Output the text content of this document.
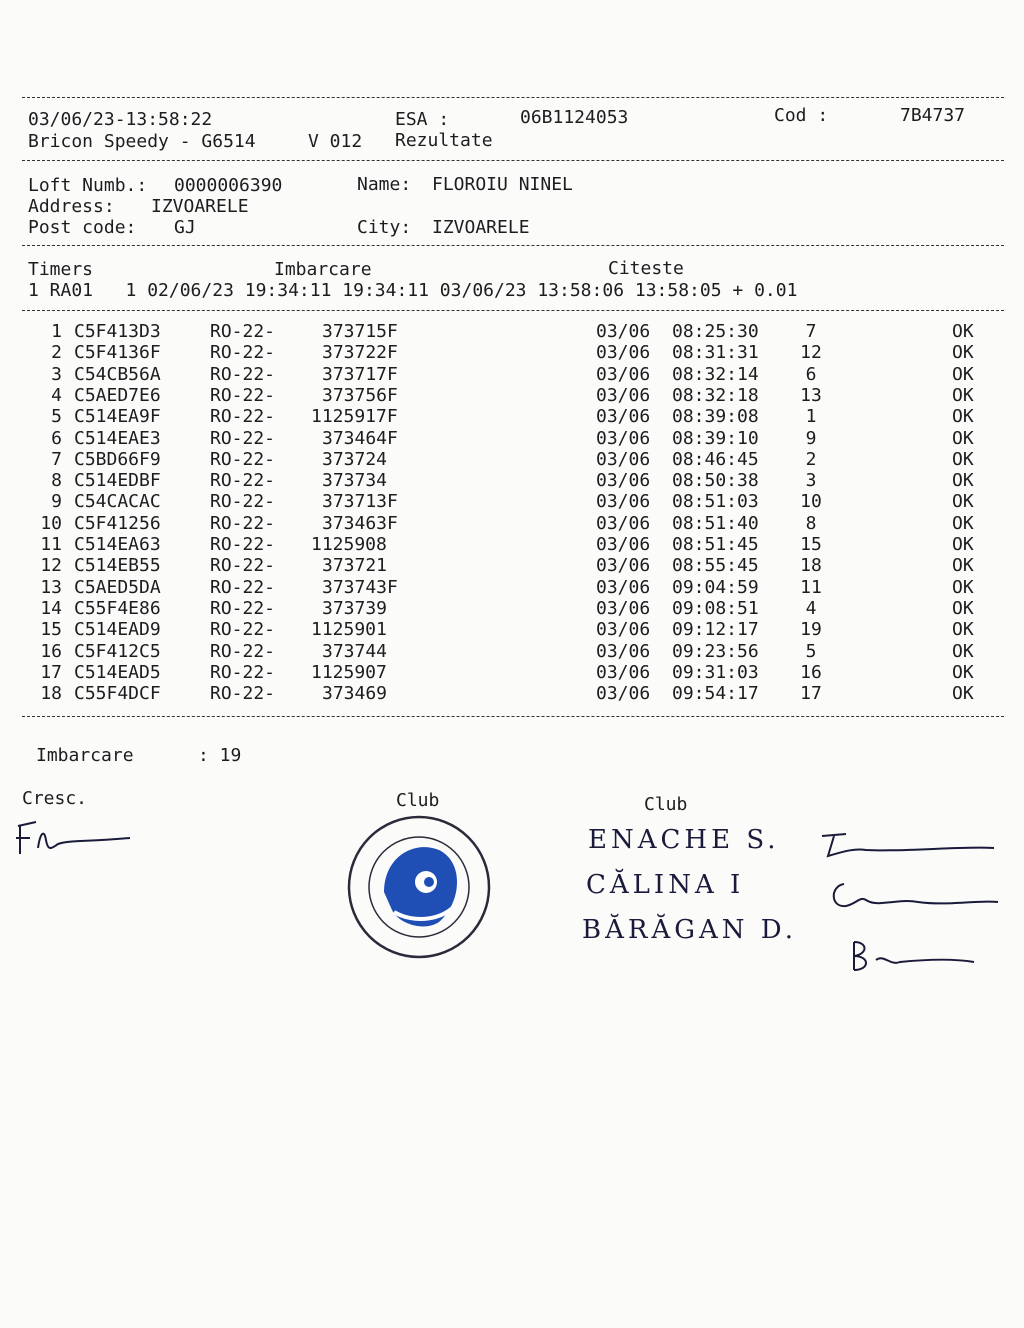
03/06/23-13:58:22	ESA :	06B1124053	Cod :	7B4737
Bricon Speedy - G6514	V 012 Rezultate
Loft Numb.: 0000006390	Name: FLOROIU NINEL
Address: IZVOARELE
Post code: GJ	City: IZVOARELE
Timers	Imbarcare	Citeste
1 RA01   1 02/06/23 19:34:11 19:34:11 03/06/23 13:58:06 13:58:05 + 0.01
1 C5F413D3	RO-22-	373715F	03/06 08:25:30	7	OK
2 C5F4136F	RO-22-	373722F	03/06 08:31:31	12	OK
3 C54CB56A	RO-22-	373717F	03/06 08:32:14	6	OK
4 C5AED7E6	RO-22-	373756F	03/06 08:32:18	13	OK
5 C514EA9F	RO-22- 1125917F	03/06 08:39:08	1	OK
6 C514EAE3	RO-22-	373464F	03/06 08:39:10	9	OK
7 C5BD66F9	RO-22-	373724	03/06 08:46:45	2	OK
8 C514EDBF	RO-22-	373734	03/06 08:50:38	3	OK
9 C54CACAC	RO-22-	373713F	03/06 08:51:03	10	OK
10 C5F41256	RO-22-	373463F	03/06 08:51:40	8	OK
11 C514EA63	RO-22- 1125908	03/06 08:51:45	15	OK
12 C514EB55	RO-22-	373721	03/06 08:55:45	18	OK
13 C5AED5DA	RO-22-	373743F	03/06 09:04:59	11	OK
14 C55F4E86	RO-22-	373739	03/06 09:08:51	4	OK
15 C514EAD9	RO-22- 1125901	03/06 09:12:17	19	OK
16 C5F412C5	RO-22-	373744	03/06 09:23:56	5	OK
17 C514EAD5	RO-22- 1125907	03/06 09:31:03	16	OK
18 C55F4DCF	RO-22-	373469	03/06 09:54:17	17	OK
Imbarcare	: 19
Cresc.	Club	Club
ENACHE S.
CĂLINA I
BĂRĂGAN D.
